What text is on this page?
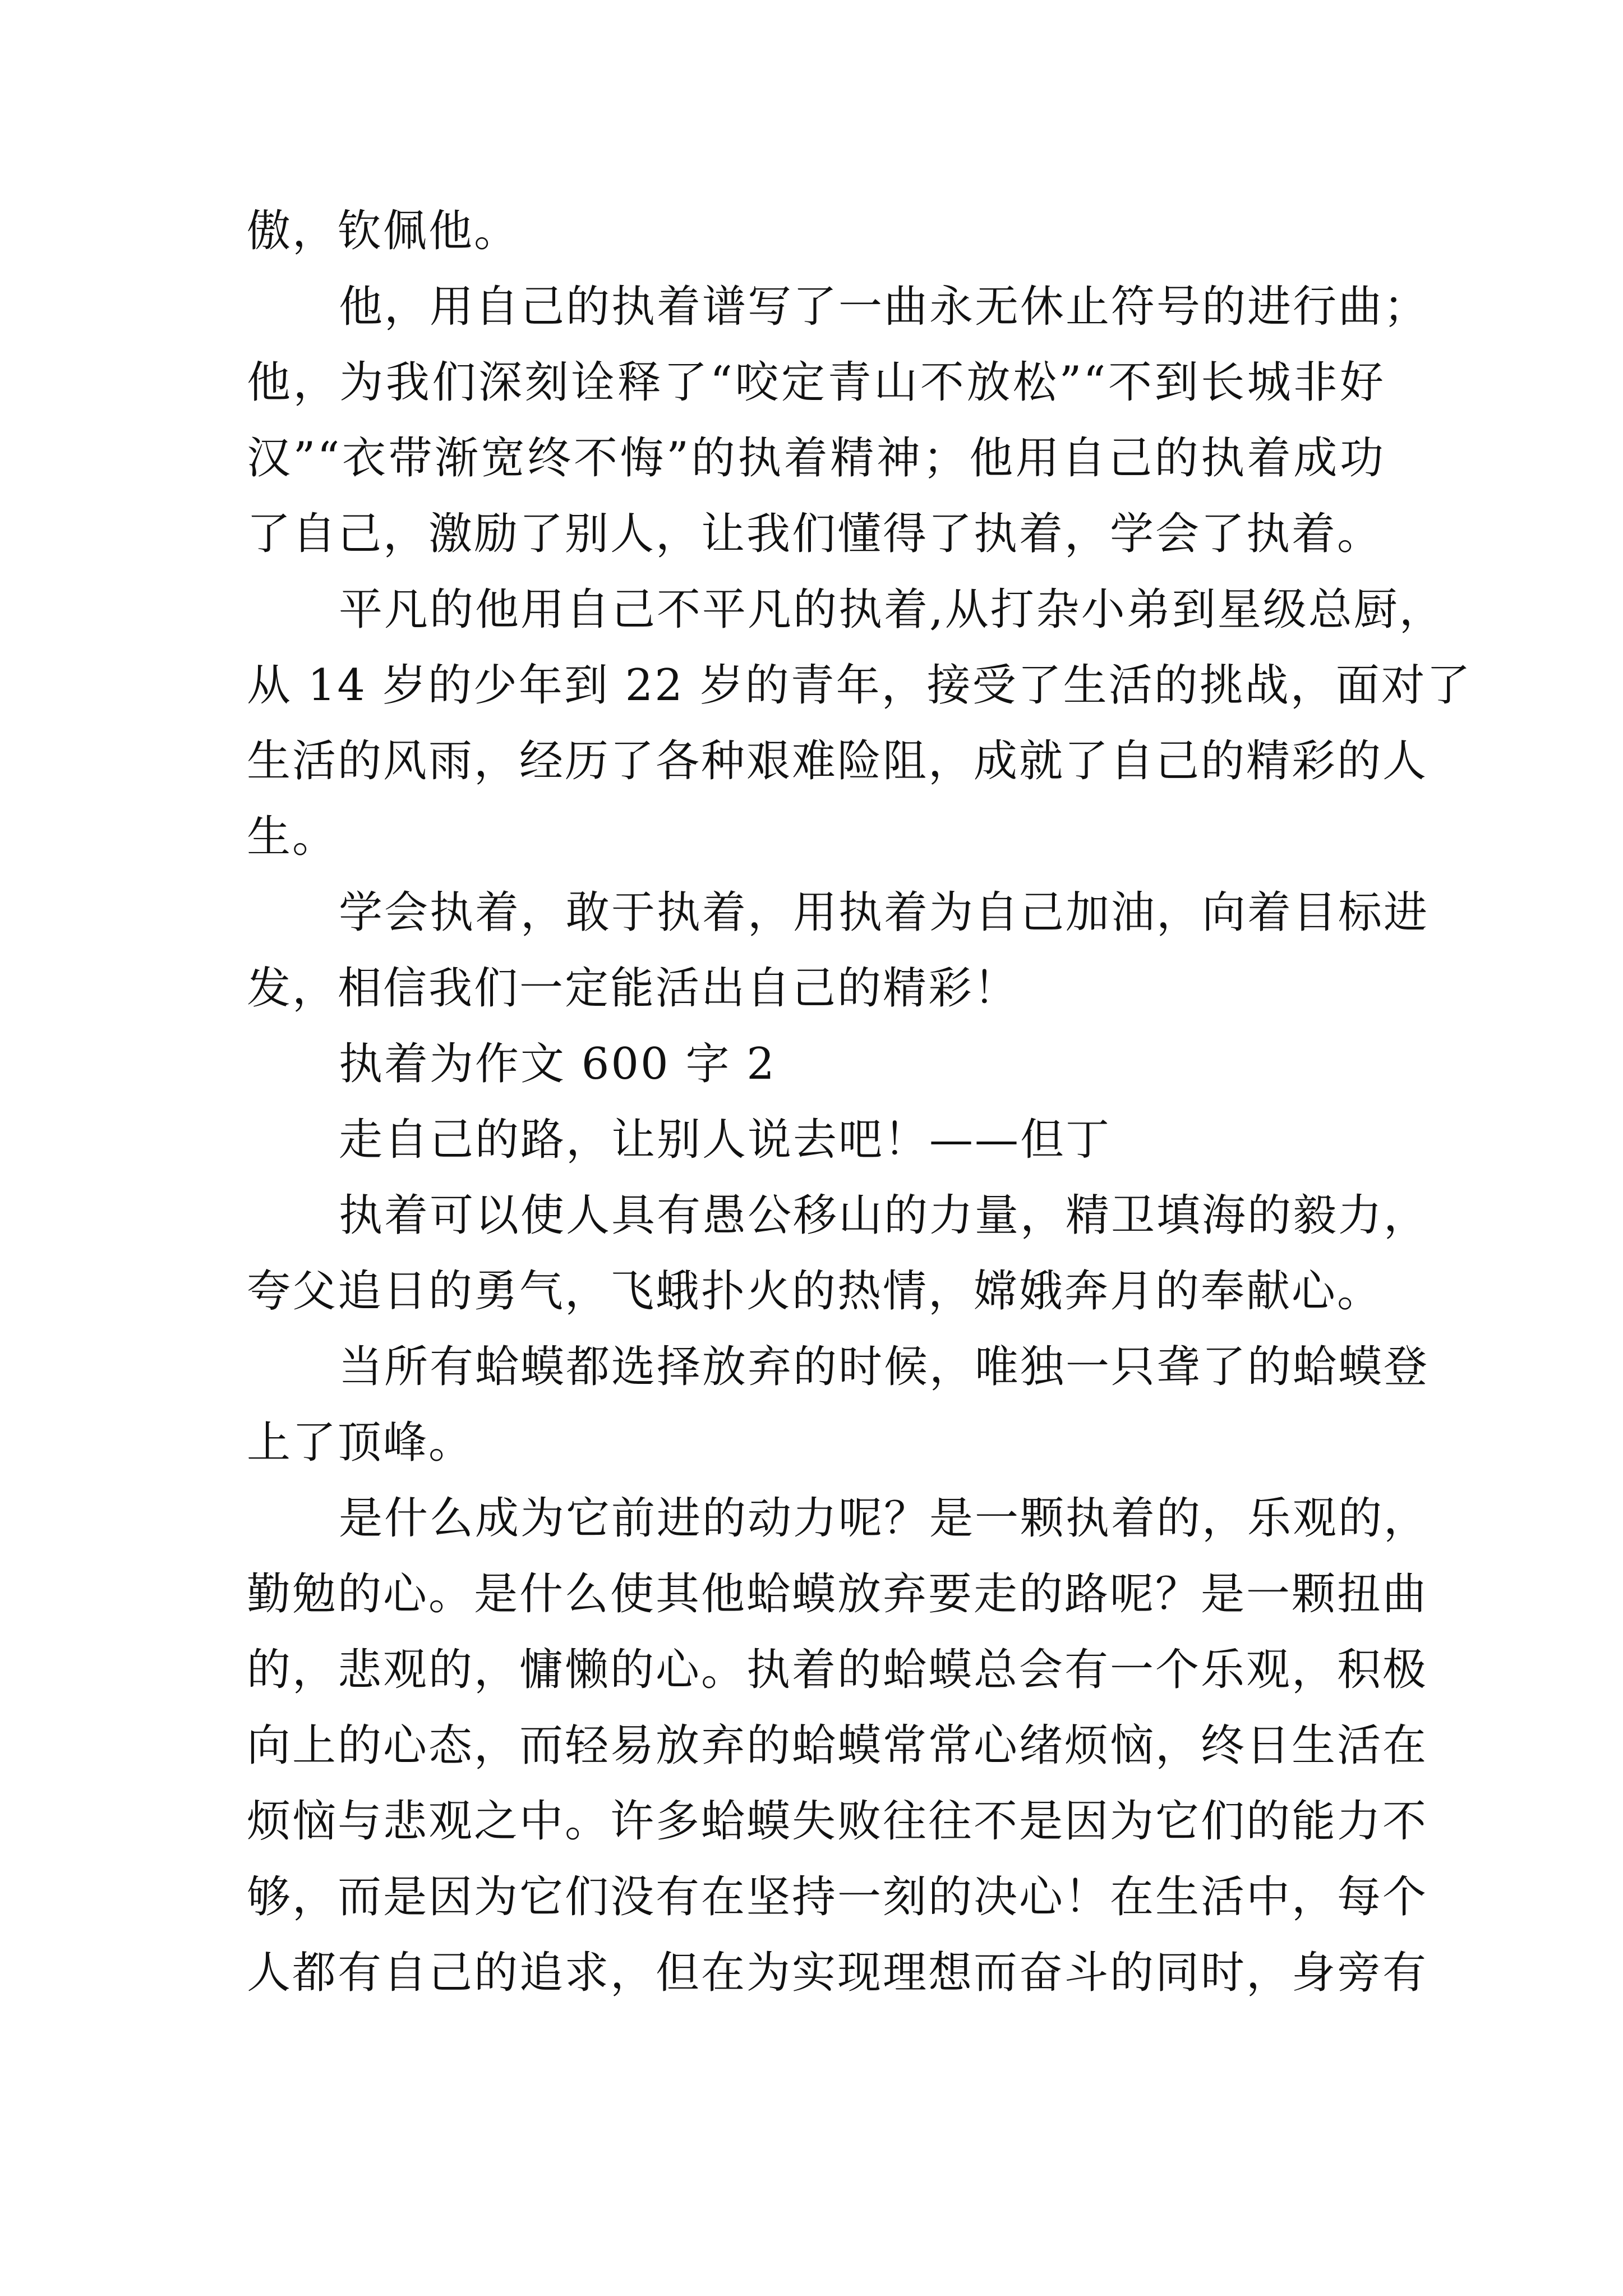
傲，钦佩他。
他，用自己的执着谱写了一曲永无休止符号的进行曲；
他，为我们深刻诠释了“咬定青山不放松”“不到长城非好
汉”“衣带渐宽终不悔”的执着精神；他用自己的执着成功
了自己，激励了别人，让我们懂得了执着，学会了执着。
平凡的他用自己不平凡的执着,从打杂小弟到星级总厨，
从 14 岁的少年到 22 岁的青年，接受了生活的挑战，面对了
生活的风雨，经历了各种艰难险阻，成就了自己的精彩的人
生。
学会执着，敢于执着，用执着为自己加油，向着目标进
发，相信我们一定能活出自己的精彩！
执着为作文 600 字 2
走自己的路，让别人说去吧！——但丁
执着可以使人具有愚公移山的力量，精卫填海的毅力，
夸父追日的勇气，飞蛾扑火的热情，嫦娥奔月的奉献心。
当所有蛤蟆都选择放弃的时候，唯独一只聋了的蛤蟆登
上了顶峰。
是什么成为它前进的动力呢？是一颗执着的，乐观的，
勤勉的心。是什么使其他蛤蟆放弃要走的路呢？是一颗扭曲
的，悲观的，慵懒的心。执着的蛤蟆总会有一个乐观，积极
向上的心态，而轻易放弃的蛤蟆常常心绪烦恼，终日生活在
烦恼与悲观之中。许多蛤蟆失败往往不是因为它们的能力不
够，而是因为它们没有在坚持一刻的决心！在生活中，每个
人都有自己的追求，但在为实现理想而奋斗的同时，身旁有
